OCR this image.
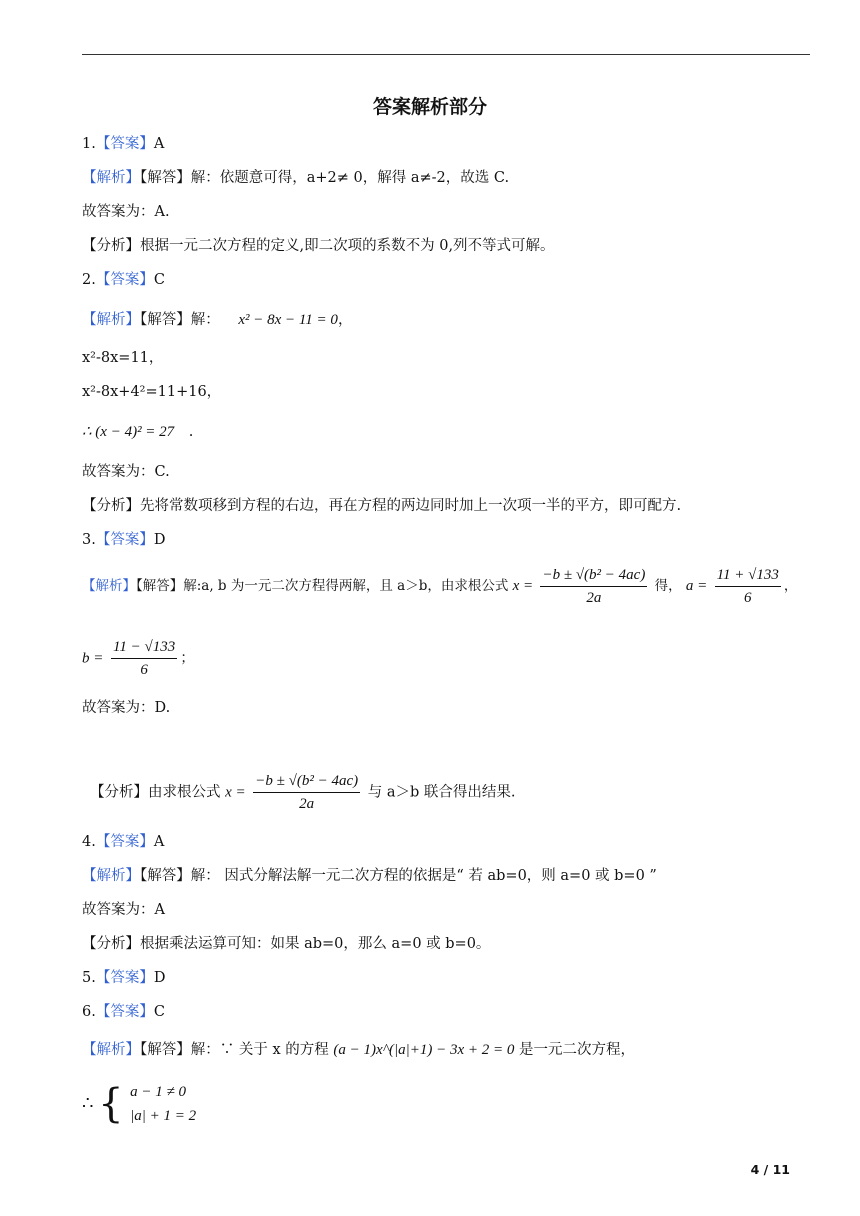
答案解析部分
1.【答案】A
【解析】【解答】解：依题意可得，a+2≠ 0，解得 a≠-2，故选 C.
故答案为：A.
【分析】根据一元二次方程的定义,即二次项的系数不为 0,列不等式可解。
2.【答案】C
【解析】【解答】解： x² − 8x − 11 = 0，
x²-8x=11，
x²-8x+4²=11+16，
∴ (x − 4)² = 27 .
故答案为：C.
【分析】先将常数项移到方程的右边，再在方程的两边同时加上一次项一半的平方，即可配方.
3.【答案】D
【解析】【解答】解:a, b 为一元二次方程得两解，且 a＞b，由求根公式 $x = \frac{\text{−b ± √(b² − 4ac)}}{2a}$ 得， $a = \frac{11 + √133}{6}$ ，
$b = \frac{11 - √133}{6}$ ；
故答案为：D.
【分析】由求根公式 $x = \frac{\text{−b ± √(b² − 4ac)}}{2a}$ 与 a＞b 联合得出结果.
4.【答案】A
【解析】【解答】解： 因式分解法解一元二次方程的依据是“ 若 ab=0，则 a=0 或 b=0 ”
故答案为：A
【分析】根据乘法运算可知：如果 ab=0，那么 a=0 或 b=0。
5.【答案】D
6.【答案】C
【解析】【解答】解：∵ 关于 x 的方程 (a − 1)x^(|a|+1) − 3x + 2 = 0 是一元二次方程，
∴ { a − 1 ≠ 0
|a| + 1 = 2
4 / 11
